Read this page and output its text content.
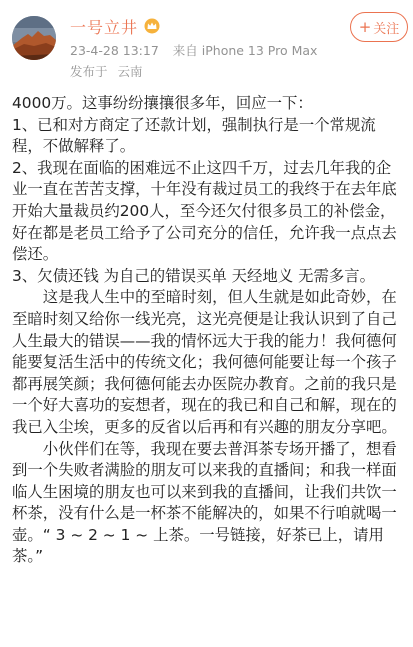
一号立井
23-4-28 13:17 来自 iPhone 13 Pro Max
发布于 云南
+ 关注

4000万。这事纷纷攘攘很多年，回应一下：

1、已和对方商定了还款计划，强制执行是一个常规流程，不做解释了。

2、我现在面临的困难远不止这四千万，过去几年我的企业一直在苦苦支撑，十年没有裁过员工的我终于在去年底开始大量裁员约200人，至今还欠付很多员工的补偿金，好在都是老员工给予了公司充分的信任，允许我一点点去偿还。

3、欠债还钱 为自己的错误买单 天经地义 无需多言。

这是我人生中的至暗时刻，但人生就是如此奇妙，在至暗时刻又给你一线光亮，这光亮便是让我认识到了自己人生最大的错误——我的情怀远大于我的能力！我何德何能要复活生活中的传统文化；我何德何能要让每一个孩子都再展笑颜；我何德何能去办医院办教育。之前的我只是一个好大喜功的妄想者，现在的我已和自己和解，现在的我已入尘埃，更多的反省以后再和有兴趣的朋友分享吧。

小伙伴们在等，我现在要去普洱茶专场开播了，想看到一个失败者满脸的朋友可以来我的直播间；和我一样面临人生困境的朋友也可以来到我的直播间，让我们共饮一杯茶，没有什么是一杯茶不能解决的，如果不行咱就喝一壶。“ 3 ~ 2 ~ 1 ~ 上茶。一号链接，好茶已上，请用茶。”
